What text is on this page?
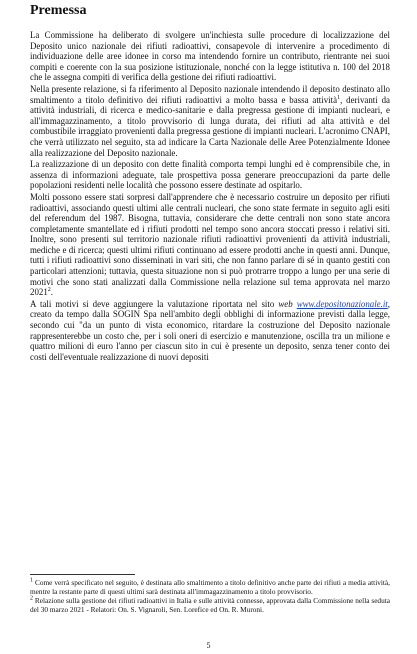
Premessa

La Commissione ha deliberato di svolgere un'inchiesta sulle procedure di localizzazione del Deposito unico nazionale dei rifiuti radioattivi, consapevole di intervenire a procedimento di individuazione delle aree idonee in corso ma intendendo fornire un contributo, rientrante nei suoi compiti e coerente con la sua posizione istituzionale, nonché con la legge istitutiva n. 100 del 2018 che le assegna compiti di verifica della gestione dei rifiuti radioattivi.

Nella presente relazione, si fa riferimento al Deposito nazionale intendendo il deposito destinato allo smaltimento a titolo definitivo dei rifiuti radioattivi a molto bassa e bassa attività$^1$, derivanti da attività industriali, di ricerca e medico-sanitarie e dalla pregressa gestione di impianti nucleari, e all'immagazzinamento, a titolo provvisorio di lunga durata, dei rifiuti ad alta attività e del combustibile irraggiato provenienti dalla pregressa gestione di impianti nucleari. L'acronimo CNAPI, che verrà utilizzato nel seguito, sta ad indicare la Carta Nazionale delle Aree Potenzialmente Idonee alla realizzazione del Deposito nazionale.

La realizzazione di un deposito con dette finalità comporta tempi lunghi ed è comprensibile che, in assenza di informazioni adeguate, tale prospettiva possa generare preoccupazioni da parte delle popolazioni residenti nelle località che possono essere destinate ad ospitarlo.

Molti possono essere stati sorpresi dall'apprendere che è necessario costruire un deposito per rifiuti radioattivi, associando questi ultimi alle centrali nucleari, che sono state fermate in seguito agli esiti del referendum del 1987. Bisogna, tuttavia, considerare che dette centrali non sono state ancora completamente smantellate ed i rifiuti prodotti nel tempo sono ancora stoccati presso i relativi siti. Inoltre, sono presenti sul territorio nazionale rifiuti radioattivi provenienti da attività industriali, mediche e di ricerca; questi ultimi rifiuti continuano ad essere prodotti anche in questi anni. Dunque, tutti i rifiuti radioattivi sono disseminati in vari siti, che non fanno parlare di sé in quanto gestiti con particolari attenzioni; tuttavia, questa situazione non si può protrarre troppo a lungo per una serie di motivi che sono stati analizzati dalla Commissione nella relazione sul tema approvata nel marzo 2021$^2$.

A tali motivi si deve aggiungere la valutazione riportata nel sito web www.depositonazionale.it, creato da tempo dalla SOGIN Spa nell'ambito degli obblighi di informazione previsti dalla legge, secondo cui "da un punto di vista economico, ritardare la costruzione del Deposito nazionale rappresenterebbe un costo che, per i soli oneri di esercizio e manutenzione, oscilla tra un milione e quattro milioni di euro l'anno per ciascun sito in cui è presente un deposito, senza tener conto dei costi dell'eventuale realizzazione di nuovi depositi

$^1$ Come verrà specificato nel seguito, è destinata allo smaltimento a titolo definitivo anche parte dei rifiuti a media attività, mentre la restante parte di questi ultimi sarà destinata all'immagazzinamento a titolo provvisorio.

$^2$ Relazione sulla gestione dei rifiuti radioattivi in Italia e sulle attività connesse, approvata dalla Commissione nella seduta del 30 marzo 2021 - Relatori: On. S. Vignaroli, Sen. Lorefice ed On. R. Muroni.

5
